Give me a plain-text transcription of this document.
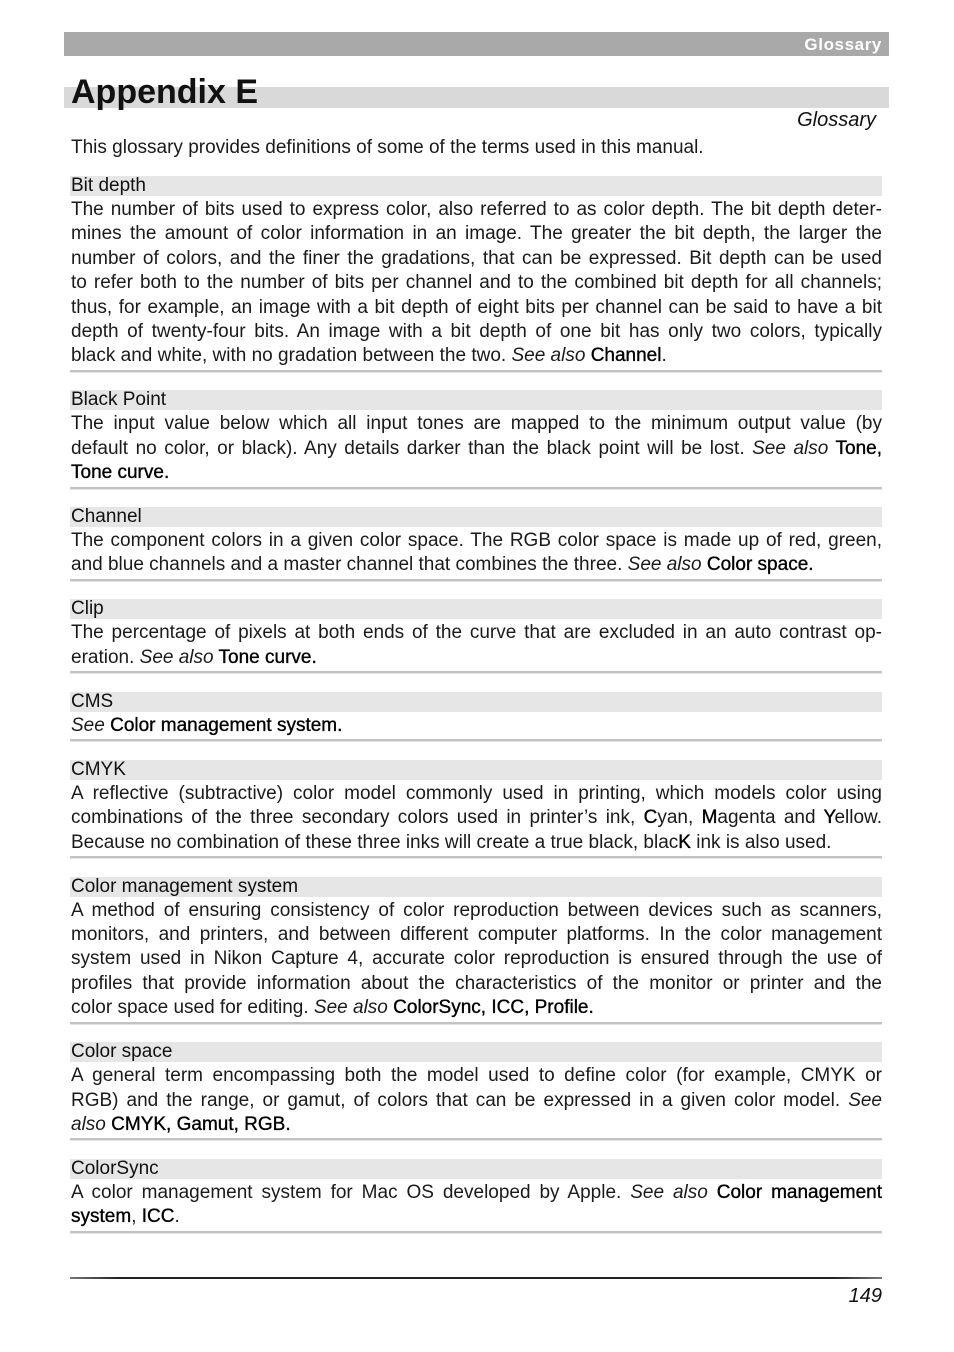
Glossary
Appendix E
Glossary
This glossary provides definitions of some of the terms used in this manual.
Bit depth
The number of bits used to express color, also referred to as color depth. The bit depth deter-
mines the amount of color information in an image. The greater the bit depth, the larger the
number of colors, and the finer the gradations, that can be expressed. Bit depth can be used
to refer both to the number of bits per channel and to the combined bit depth for all channels;
thus, for example, an image with a bit depth of eight bits per channel can be said to have a bit
depth of twenty-four bits. An image with a bit depth of one bit has only two colors, typically
black and white, with no gradation between the two. See also Channel.
Black Point
The input value below which all input tones are mapped to the minimum output value (by
default no color, or black). Any details darker than the black point will be lost. See also Tone,
Tone curve.
Channel
The component colors in a given color space. The RGB color space is made up of red, green,
and blue channels and a master channel that combines the three. See also Color space.
Clip
The percentage of pixels at both ends of the curve that are excluded in an auto contrast op-
eration. See also Tone curve.
CMS
See Color management system.
CMYK
A reflective (subtractive) color model commonly used in printing, which models color using
combinations of the three secondary colors used in printer’s ink, Cyan, Magenta and Yellow.
Because no combination of these three inks will create a true black, blacK ink is also used.
Color management system
A method of ensuring consistency of color reproduction between devices such as scanners,
monitors, and printers, and between different computer platforms. In the color management
system used in Nikon Capture 4, accurate color reproduction is ensured through the use of
profiles that provide information about the characteristics of the monitor or printer and the
color space used for editing. See also ColorSync, ICC, Profile.
Color space
A general term encompassing both the model used to define color (for example, CMYK or
RGB) and the range, or gamut, of colors that can be expressed in a given color model. See
also CMYK, Gamut, RGB.
ColorSync
A color management system for Mac OS developed by Apple. See also Color management
system, ICC.
149
